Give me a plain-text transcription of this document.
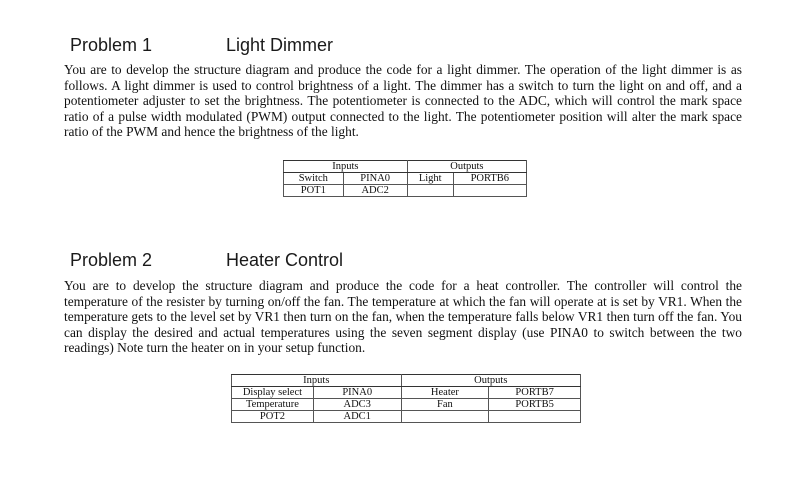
Problem 1	Light Dimmer

You are to develop the structure diagram and produce the code for a light dimmer. The operation of the light dimmer is as follows. A light dimmer is used to control brightness of a light. The dimmer has a switch to turn the light on and off, and a potentiometer adjuster to set the brightness. The potentiometer is connected to the ADC, which will control the mark space ratio of a pulse width modulated (PWM) output connected to the light. The potentiometer position will alter the mark space ratio of the PWM and hence the brightness of the light.

Inputs		Outputs	
Switch	PINA0	Light	PORTB6
POT1	ADC2		
Problem 2	Heater Control

You are to develop the structure diagram and produce the code for a heat controller. The controller will control the temperature of the resister by turning on/off the fan. The temperature at which the fan will operate at is set by VR1. When the temperature gets to the level set by VR1 then turn on the fan, when the temperature falls below VR1 then turn off the fan. You can display the desired and actual temperatures using the seven segment display (use PINA0 to switch between the two readings) Note turn the heater on in your setup function.

Inputs		Outputs	
Display select	PINA0	Heater	PORTB7
Temperature	ADC3	Fan	PORTB5
POT2	ADC1		
